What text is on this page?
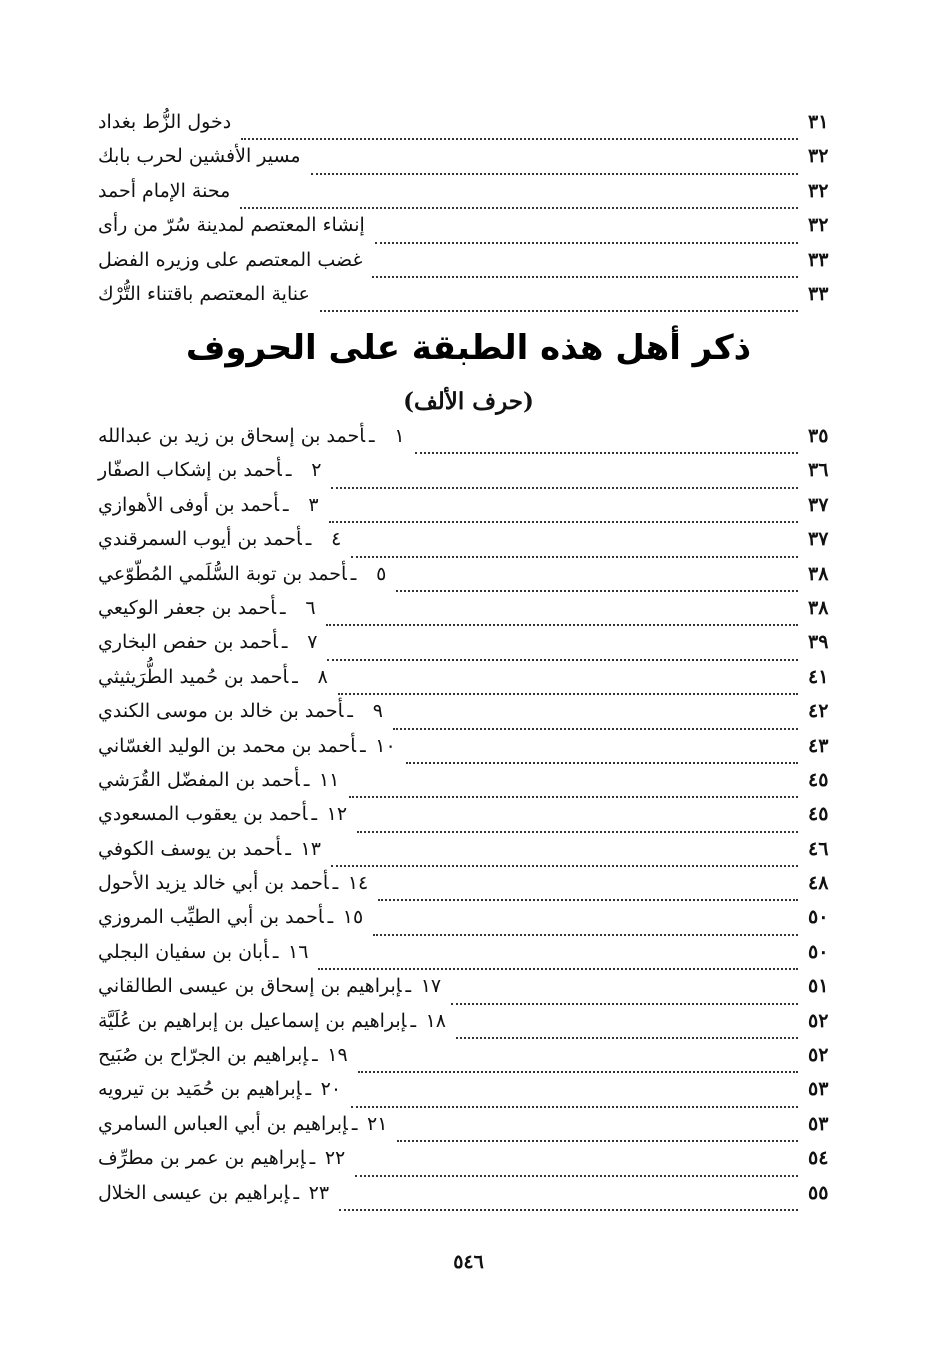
دخول الزُّط بغداد	٣١
مسير الأفشين لحرب بابك	٣٢
محنة الإمام أحمد	٣٢
إنشاء المعتصم لمدينة سُرّ من رأى	٣٢
غضب المعتصم على وزيره الفضل	٣٣
عناية المعتصم باقتناء التُّرْك	٣٣
ذكر أهل هذه الطبقة على الحروف
(حرف الألف)
١ـأحمد بن إسحاق بن زيد بن عبدالله	٣٥
٢ـأحمد بن إشكاب الصفّار	٣٦
٣ـأحمد بن أوفى الأهوازي	٣٧
٤ـأحمد بن أيوب السمرقندي	٣٧
٥ـأحمد بن توبة السُّلَمي المُطّوّعي	٣٨
٦ـأحمد بن جعفر الوكيعي	٣٨
٧ـأحمد بن حفص البخاري	٣٩
٨ـأحمد بن حُميد الطُّرَيثيثي	٤١
٩ـأحمد بن خالد بن موسى الكندي	٤٢
١٠ـأحمد بن محمد بن الوليد الغسّاني	٤٣
١١ـأحمد بن المفضّل القُرَشي	٤٥
١٢ـأحمد بن يعقوب المسعودي	٤٥
١٣ـأحمد بن يوسف الكوفي	٤٦
١٤ـأحمد بن أبي خالد يزيد الأحول	٤٨
١٥ـأحمد بن أبي الطيِّب المروزي	٥٠
١٦ـأبان بن سفيان البجلي	٥٠
١٧ـإبراهيم بن إسحاق بن عيسى الطالقاني	٥١
١٨ـإبراهيم بن إسماعيل بن إبراهيم بن عُلَيَّة	٥٢
١٩ـإبراهيم بن الجرّاح بن صُبَيح	٥٢
٢٠ـإبراهيم بن حُمَيد بن تيرويه	٥٣
٢١ـإبراهيم بن أبي العباس السامري	٥٣
٢٢ـإبراهيم بن عمر بن مطرِّف	٥٤
٢٣ـإبراهيم بن عيسى الخلال	٥٥
٥٤٦
